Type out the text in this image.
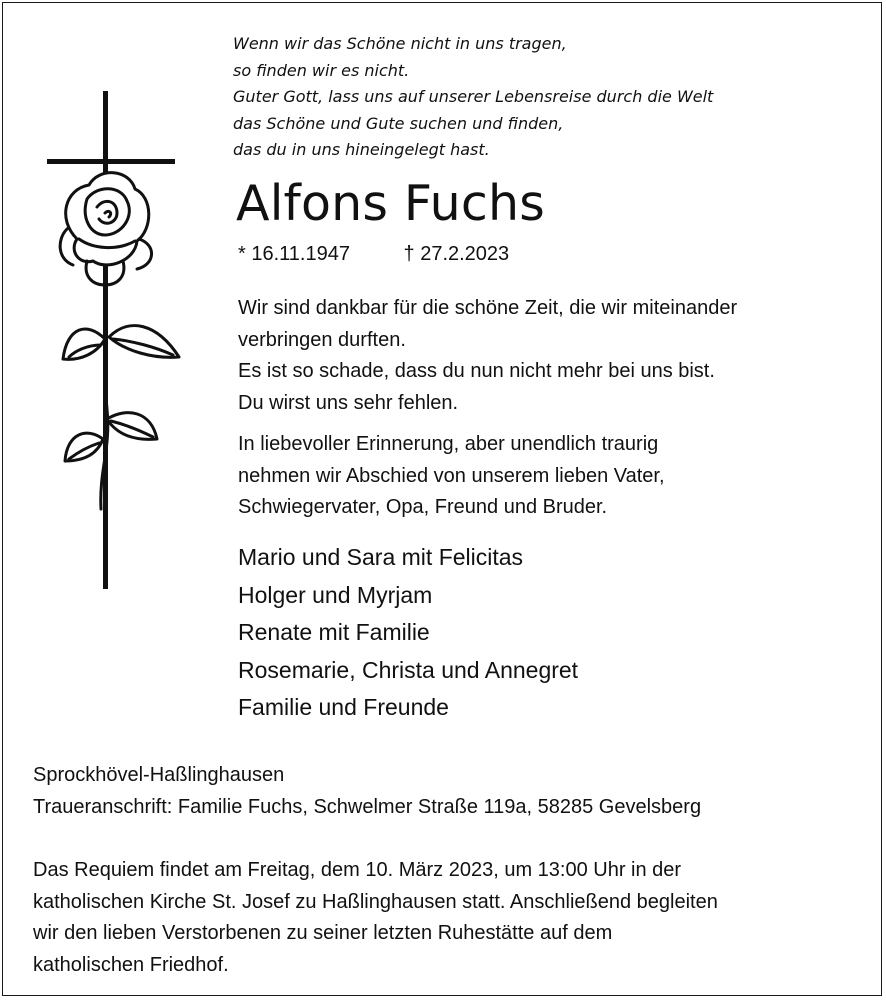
Wenn wir das Schöne nicht in uns tragen,
so finden wir es nicht.
Guter Gott, lass uns auf unserer Lebensreise durch die Welt
das Schöne und Gute suchen und finden,
das du in uns hineingelegt hast.
Alfons Fuchs
* 16.11.1947	† 27.2.2023
Wir sind dankbar für die schöne Zeit, die wir miteinander
verbringen durften.
Es ist so schade, dass du nun nicht mehr bei uns bist.
Du wirst uns sehr fehlen.
In liebevoller Erinnerung, aber unendlich traurig
nehmen wir Abschied von unserem lieben Vater,
Schwiegervater, Opa, Freund und Bruder.
Mario und Sara mit Felicitas
Holger und Myrjam
Renate mit Familie
Rosemarie, Christa und Annegret
Familie und Freunde
Sprockhövel-Haßlinghausen
Traueranschrift: Familie Fuchs, Schwelmer Straße 119a, 58285 Gevelsberg
Das Requiem findet am Freitag, dem 10. März 2023, um 13:00 Uhr in der
katholischen Kirche St. Josef zu Haßlinghausen statt. Anschließend begleiten
wir den lieben Verstorbenen zu seiner letzten Ruhestätte auf dem
katholischen Friedhof.
